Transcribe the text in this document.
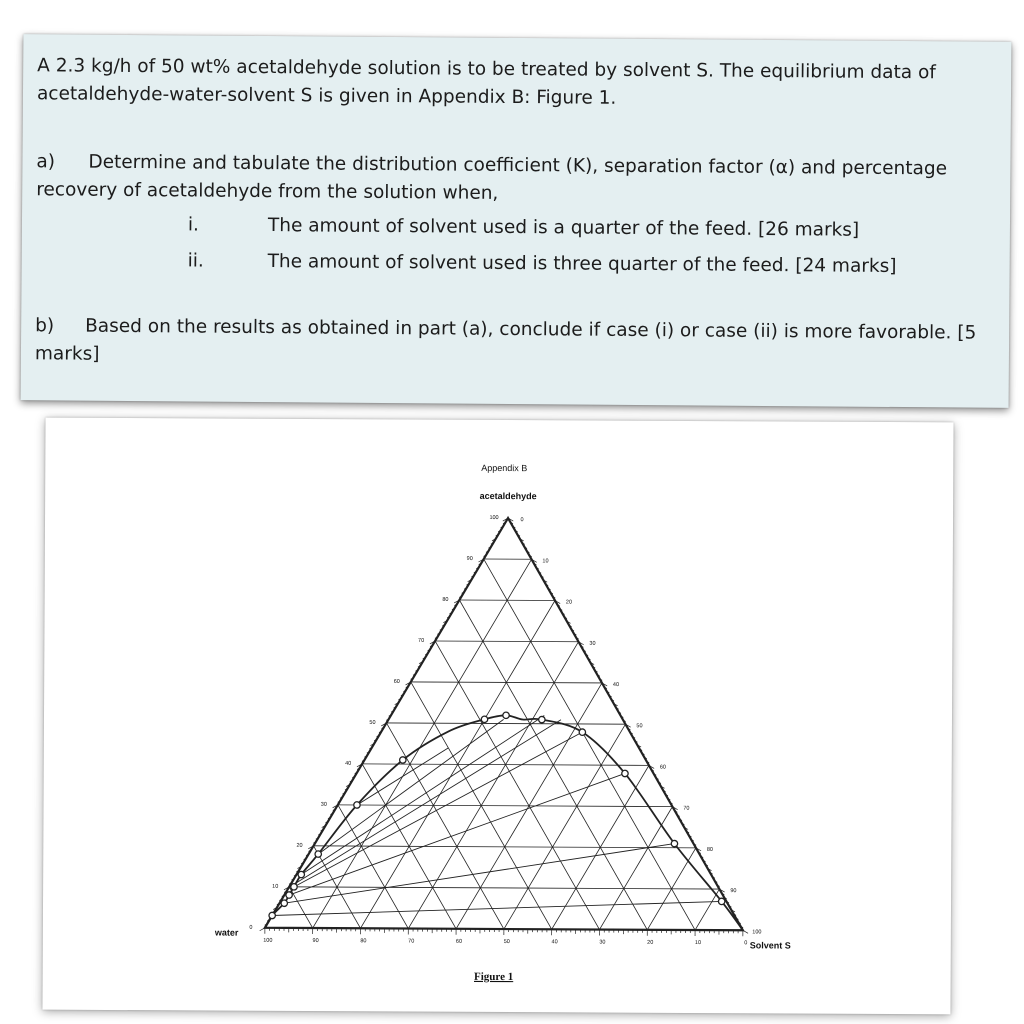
A 2.3 kg/h of 50 wt% acetaldehyde solution is to be treated by solvent S. The equilibrium data of acetaldehyde-water-solvent S is given in Appendix B: Figure 1.

a) Determine and tabulate the distribution coefficient (K), separation factor (α) and percentage recovery of acetaldehyde from the solution when,

i.	The amount of solvent used is a quarter of the feed. [26 marks]
ii.	The amount of solvent used is three quarter of the feed. [24 marks]

b) Based on the results as obtained in part (a), conclude if case (i) or case (ii) is more favorable. [5 marks]

Appendix B
acetaldehyde
water
Solvent S
Figure 1
100	0
100
90	10
90
80	20
80
70	30
70
60
40
60
50
50
50
40
60
40
30
70
30
20
80
20
10
90
10
0
100
0
